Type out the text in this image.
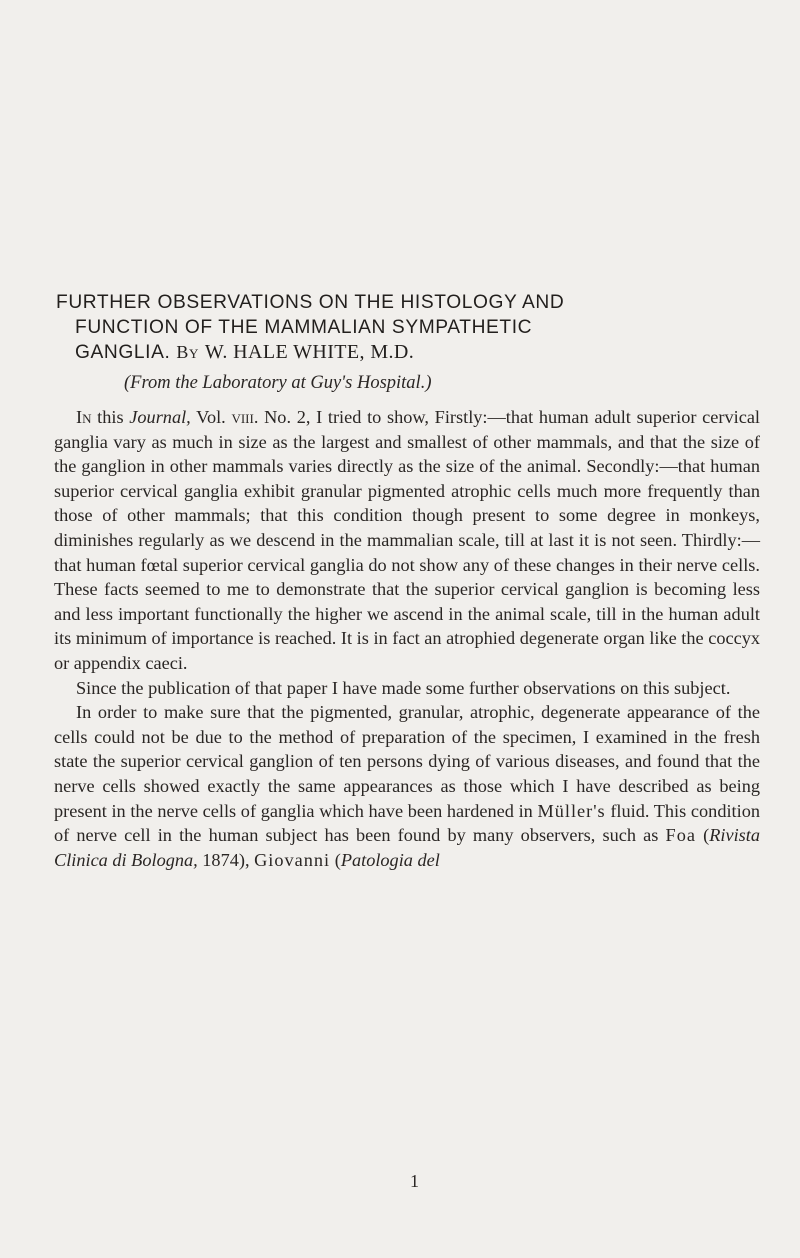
FURTHER OBSERVATIONS ON THE HISTOLOGY AND
FUNCTION OF THE MAMMALIAN SYMPATHETIC
GANGLIA. By W. HALE WHITE, M.D.
(From the Laboratory at Guy's Hospital.)

In this Journal, Vol. viii. No. 2, I tried to show, Firstly:—that human adult superior cervical ganglia vary as much in size as the largest and smallest of other mammals, and that the size of the ganglion in other mammals varies directly as the size of the animal. Secondly:—that human superior cervical ganglia exhibit granular pigmented atrophic cells much more frequently than those of other mammals; that this condition though present to some degree in monkeys, diminishes regularly as we descend in the mammalian scale, till at last it is not seen. Thirdly:—that human fœtal superior cervical ganglia do not show any of these changes in their nerve cells. These facts seemed to me to demonstrate that the superior cervical ganglion is becoming less and less important functionally the higher we ascend in the animal scale, till in the human adult its minimum of importance is reached. It is in fact an atrophied degenerate organ like the coccyx or appendix caeci.

Since the publication of that paper I have made some further observations on this subject.

In order to make sure that the pigmented, granular, atrophic, degenerate appearance of the cells could not be due to the method of preparation of the specimen, I examined in the fresh state the superior cervical ganglion of ten persons dying of various diseases, and found that the nerve cells showed exactly the same appearances as those which I have described as being present in the nerve cells of ganglia which have been hardened in Müller's fluid. This condition of nerve cell in the human subject has been found by many observers, such as Foa (Rivista Clinica di Bologna, 1874), Giovanni (Patologia del

1
